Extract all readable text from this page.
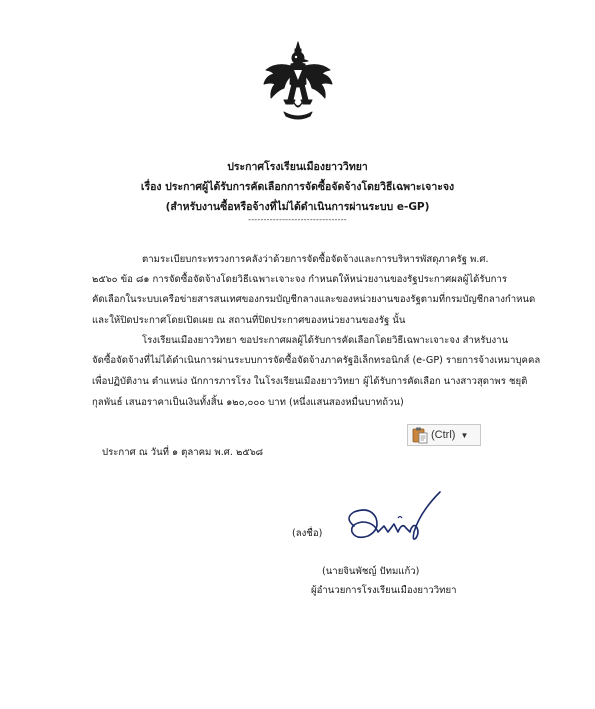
ประกาศโรงเรียนเมืองยาววิทยา
เรื่อง ประกาศผู้ได้รับการคัดเลือกการจัดซื้อจัดจ้างโดยวิธีเฉพาะเจาะจง
(สำหรับงานซื้อหรือจ้างที่ไม่ได้ดำเนินการผ่านระบบ e-GP)
--------------------------------
ตามระเบียบกระทรวงการคลังว่าด้วยการจัดซื้อจัดจ้างและการบริหารพัสดุภาครัฐ พ.ศ.
๒๕๖๐ ข้อ ๘๑ การจัดซื้อจัดจ้างโดยวิธีเฉพาะเจาะจง กำหนดให้หน่วยงานของรัฐประกาศผลผู้ได้รับการ
คัดเลือกในระบบเครือข่ายสารสนเทศของกรมบัญชีกลางและของหน่วยงานของรัฐตามที่กรมบัญชีกลางกำหนด
และให้ปิดประกาศโดยเปิดเผย ณ สถานที่ปิดประกาศของหน่วยงานของรัฐ นั้น
โรงเรียนเมืองยาววิทยา ขอประกาศผลผู้ได้รับการคัดเลือกโดยวิธีเฉพาะเจาะจง สำหรับงาน
จัดซื้อจัดจ้างที่ไม่ได้ดำเนินการผ่านระบบการจัดซื้อจัดจ้างภาครัฐอิเล็กทรอนิกส์ (e-GP) รายการจ้างเหมาบุคคล
เพื่อปฏิบัติงาน ตำแหน่ง นักการภารโรง ในโรงเรียนเมืองยาววิทยา ผู้ได้รับการคัดเลือก นางสาวสุดาพร ชยุติ
กุลพันธ์ เสนอราคาเป็นเงินทั้งสิ้น ๑๒๐,๐๐๐ บาท (หนึ่งแสนสองหมื่นบาทถ้วน)
(Ctrl) ▼
ประกาศ ณ วันที่ ๑ ตุลาคม พ.ศ. ๒๕๖๘
(ลงชื่อ)
(นายจินพัชญ์ ปัทมแก้ว)
ผู้อำนวยการโรงเรียนเมืองยาววิทยา
